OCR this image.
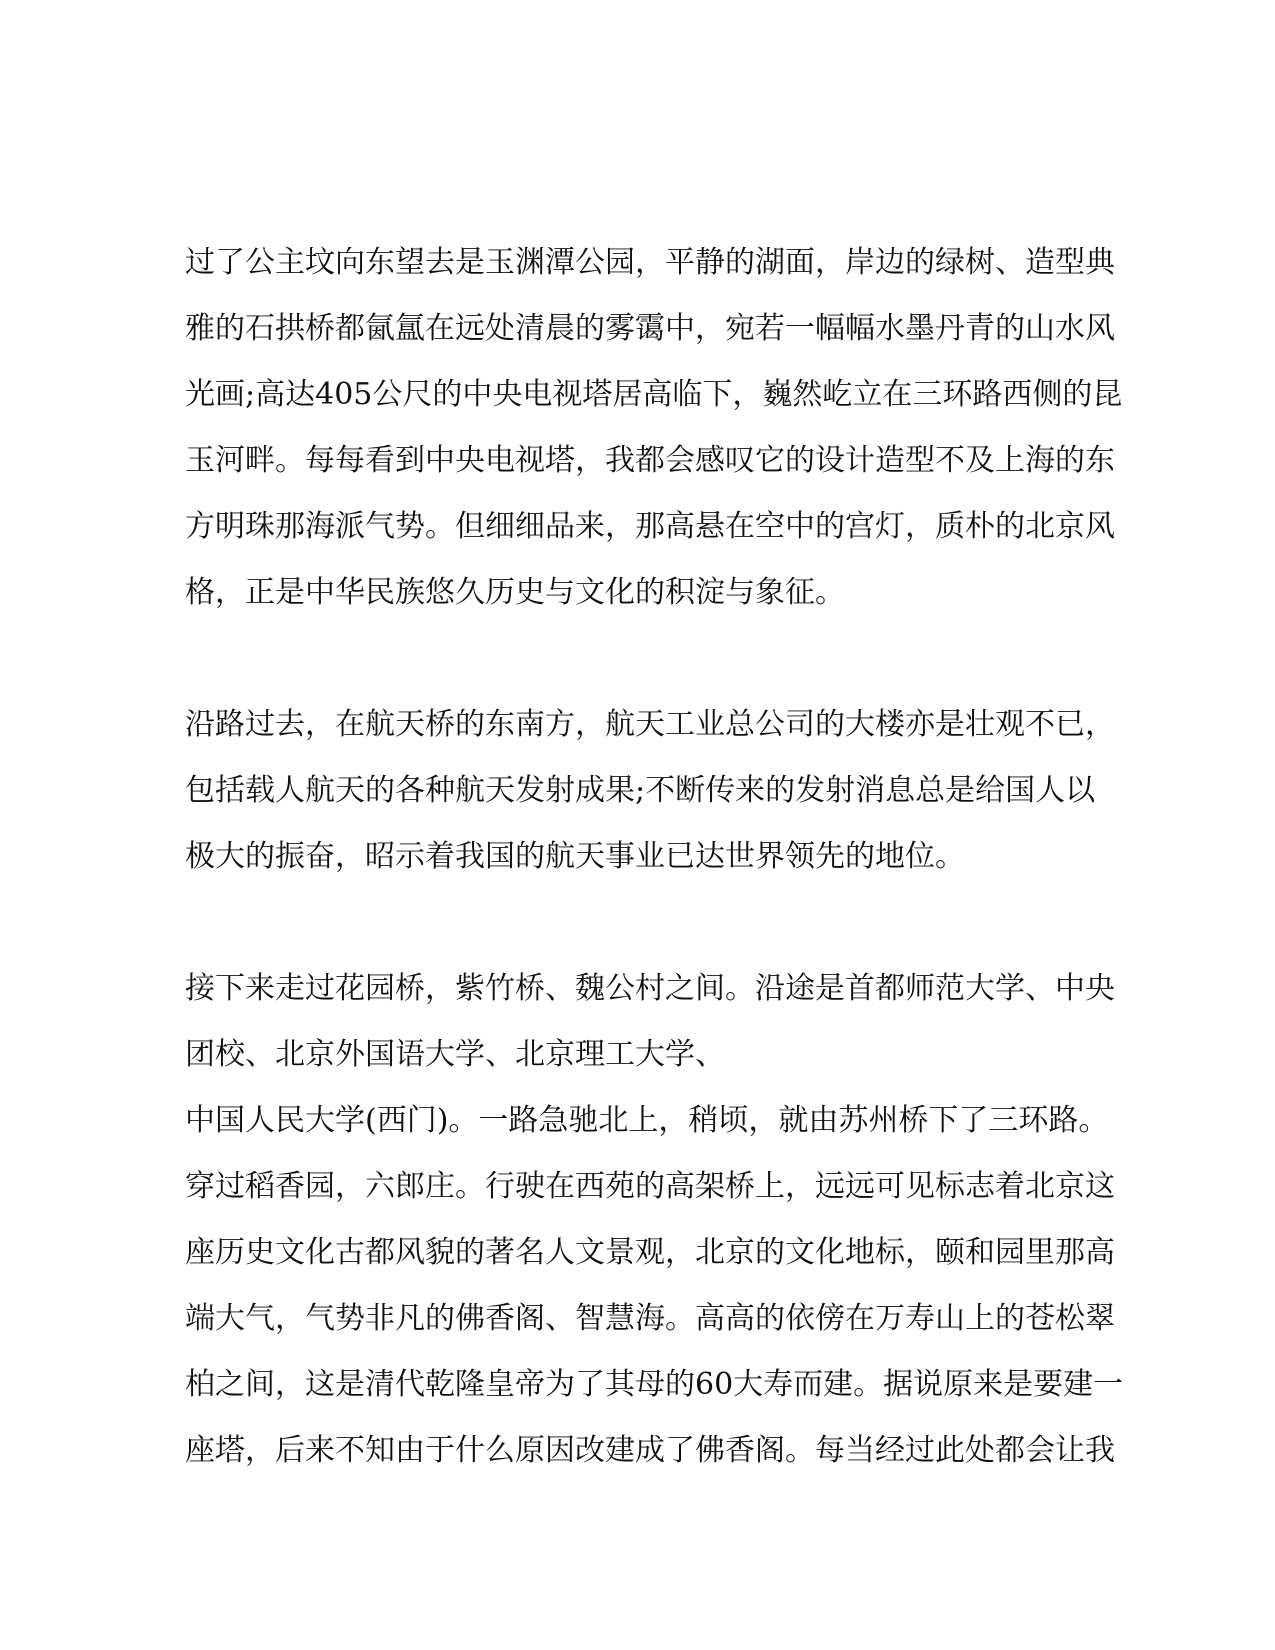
过了公主坟向东望去是玉渊潭公园，平静的湖面，岸边的绿树、造型典
雅的石拱桥都氤氲在远处清晨的雾霭中，宛若一幅幅水墨丹青的山水风
光画;高达405公尺的中央电视塔居高临下，巍然屹立在三环路西侧的昆
玉河畔。每每看到中央电视塔，我都会感叹它的设计造型不及上海的东
方明珠那海派气势。但细细品来，那高悬在空中的宫灯，质朴的北京风
格，正是中华民族悠久历史与文化的积淀与象征。
沿路过去，在航天桥的东南方，航天工业总公司的大楼亦是壮观不已，
包括载人航天的各种航天发射成果;不断传来的发射消息总是给国人以
极大的振奋，昭示着我国的航天事业已达世界领先的地位。
接下来走过花园桥，紫竹桥、魏公村之间。沿途是首都师范大学、中央
团校、北京外国语大学、北京理工大学、
中国人民大学(西门)。一路急驰北上，稍顷，就由苏州桥下了三环路。
穿过稻香园，六郎庄。行驶在西苑的高架桥上，远远可见标志着北京这
座历史文化古都风貌的著名人文景观，北京的文化地标，颐和园里那高
端大气，气势非凡的佛香阁、智慧海。高高的依傍在万寿山上的苍松翠
柏之间，这是清代乾隆皇帝为了其母的60大寿而建。据说原来是要建一
座塔，后来不知由于什么原因改建成了佛香阁。每当经过此处都会让我
